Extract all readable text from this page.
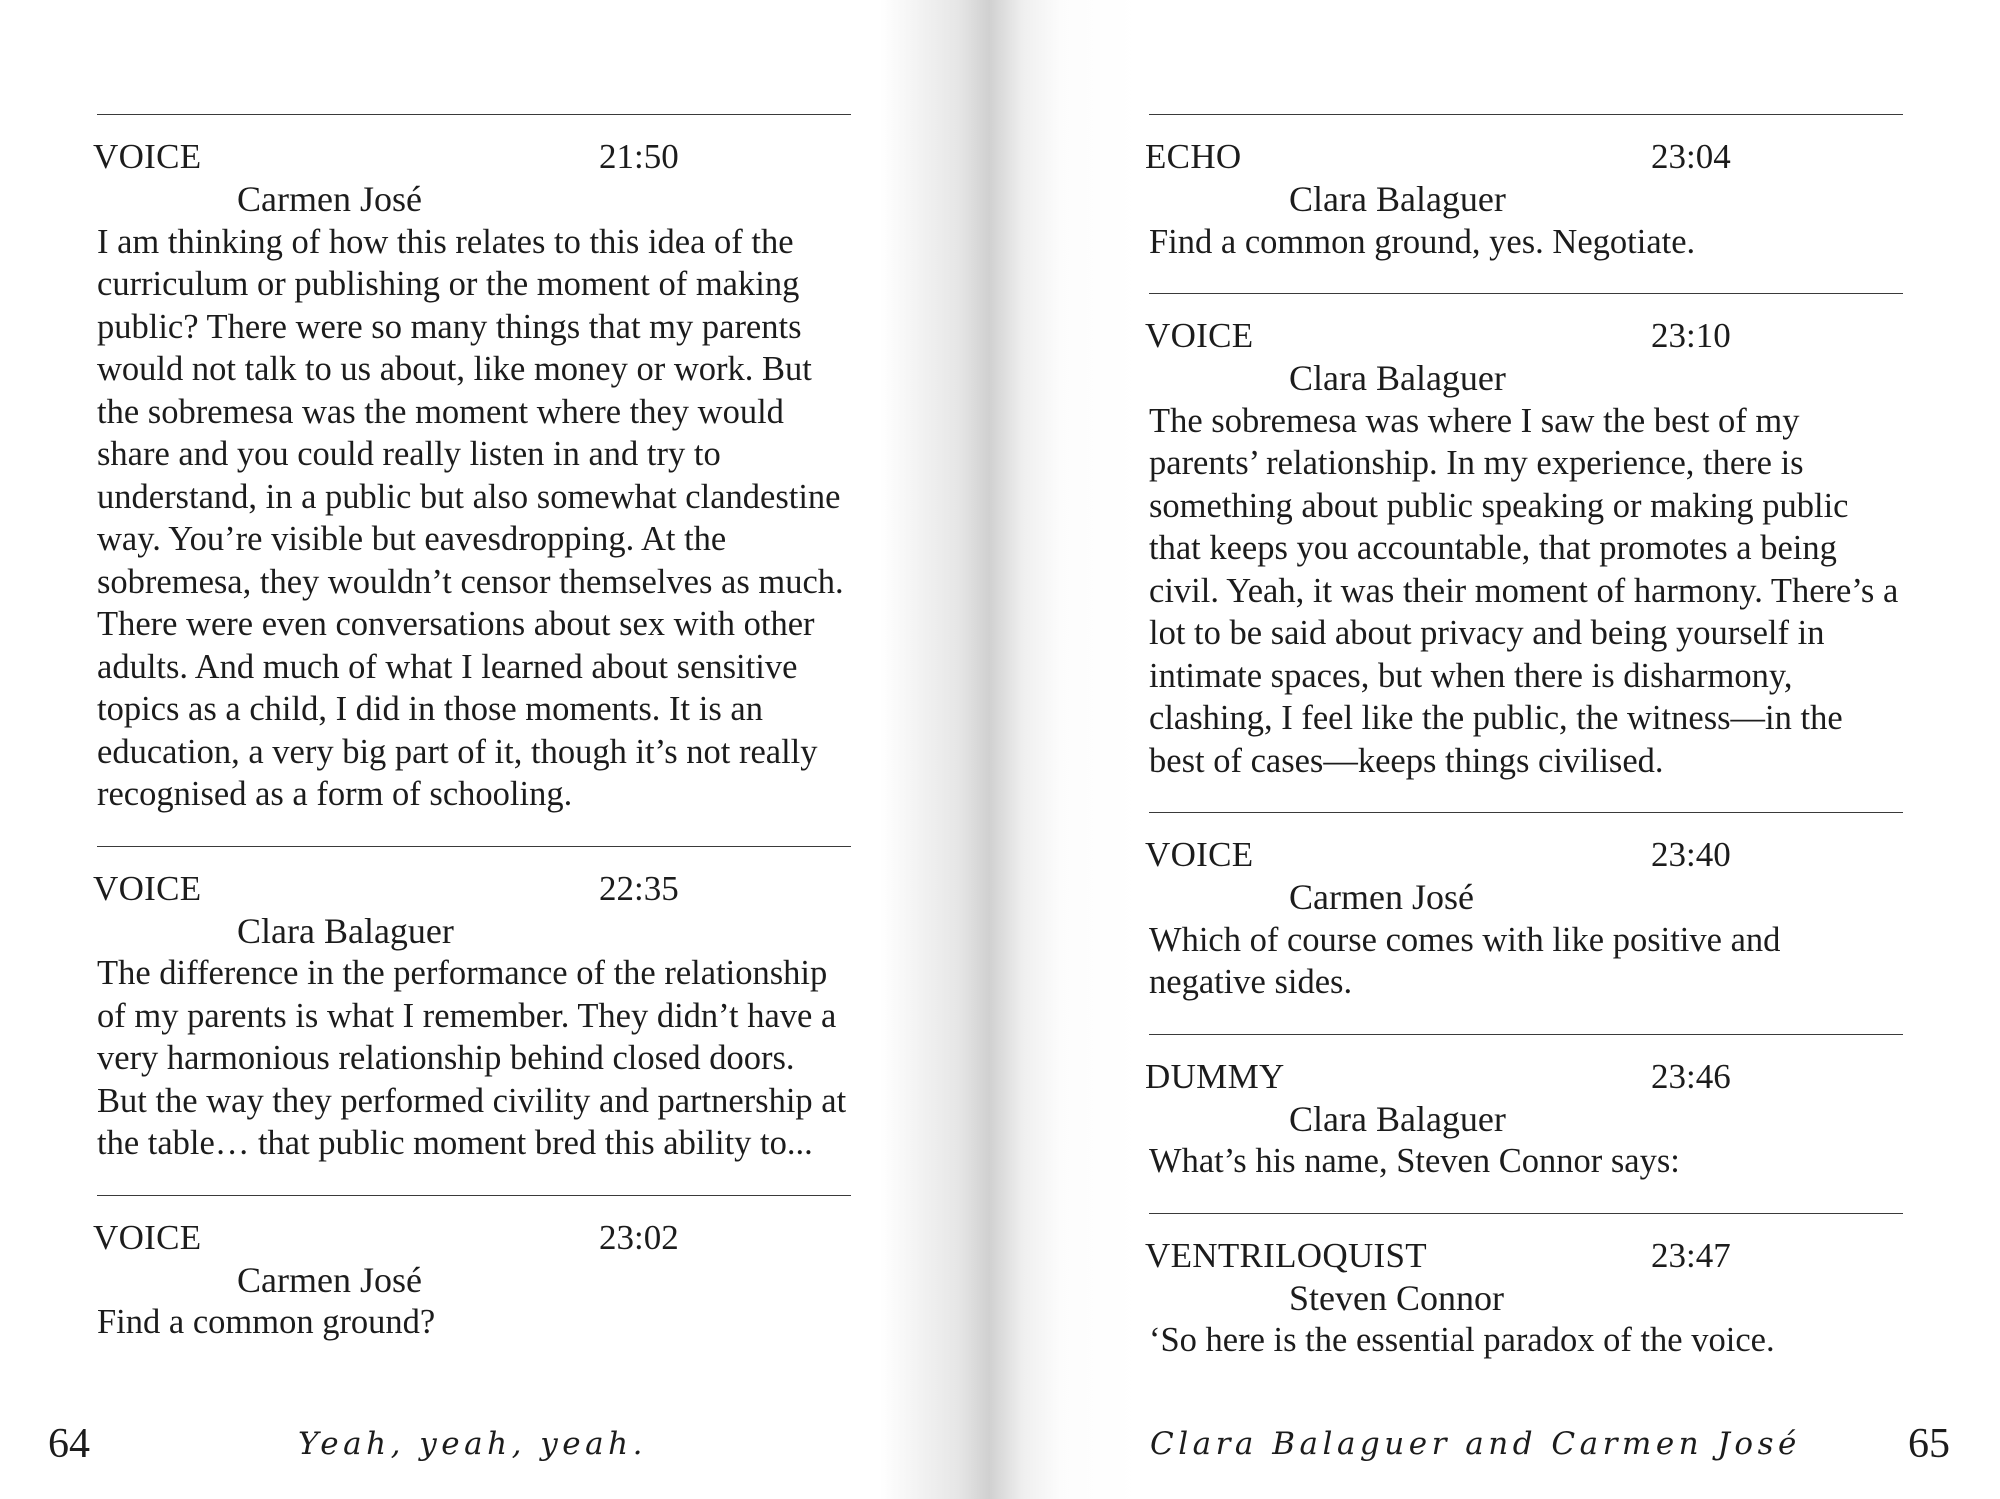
VOICE	21:50
Carmen José

I am thinking of how this relates to this idea of the curriculum or publishing or the moment of making public? There were so many things that my parents would not talk to us about, like money or work. But the sobremesa was the moment where they would share and you could really listen in and try to understand, in a public but also somewhat clandestine way. You’re visible but eavesdropping. At the sobremesa, they wouldn’t censor themselves as much. There were even conversations about sex with other adults. And much of what I learned about sensitive topics as a child, I did in those moments. It is an education, a very big part of it, though it’s not really recognised as a form of schooling.

VOICE	22:35
Clara Balaguer

The difference in the performance of the relationship of my parents is what I remember. They didn’t have a very harmonious relationship behind closed doors. But the way they performed civility and partnership at the table… that public moment bred this ability to...

VOICE	23:02
Carmen José

Find a common ground?

64	Yeah, yeah, yeah.
ECHO	23:04
Clara Balaguer

Find a common ground, yes. Negotiate.

VOICE	23:10
Clara Balaguer

The sobremesa was where I saw the best of my parents’ relationship. In my experience, there is something about public speaking or making public that keeps you accountable, that promotes a being civil. Yeah, it was their moment of harmony. There’s a lot to be said about privacy and being yourself in intimate spaces, but when there is disharmony, clashing, I feel like the public, the witness—in the best of cases—keeps things civilised.

VOICE	23:40
Carmen José

Which of course comes with like positive and negative sides.

DUMMY	23:46
Clara Balaguer

What’s his name, Steven Connor says:

VENTRILOQUIST	23:47
Steven Connor

‘So here is the essential paradox of the voice.

Clara Balaguer and Carmen José	65
